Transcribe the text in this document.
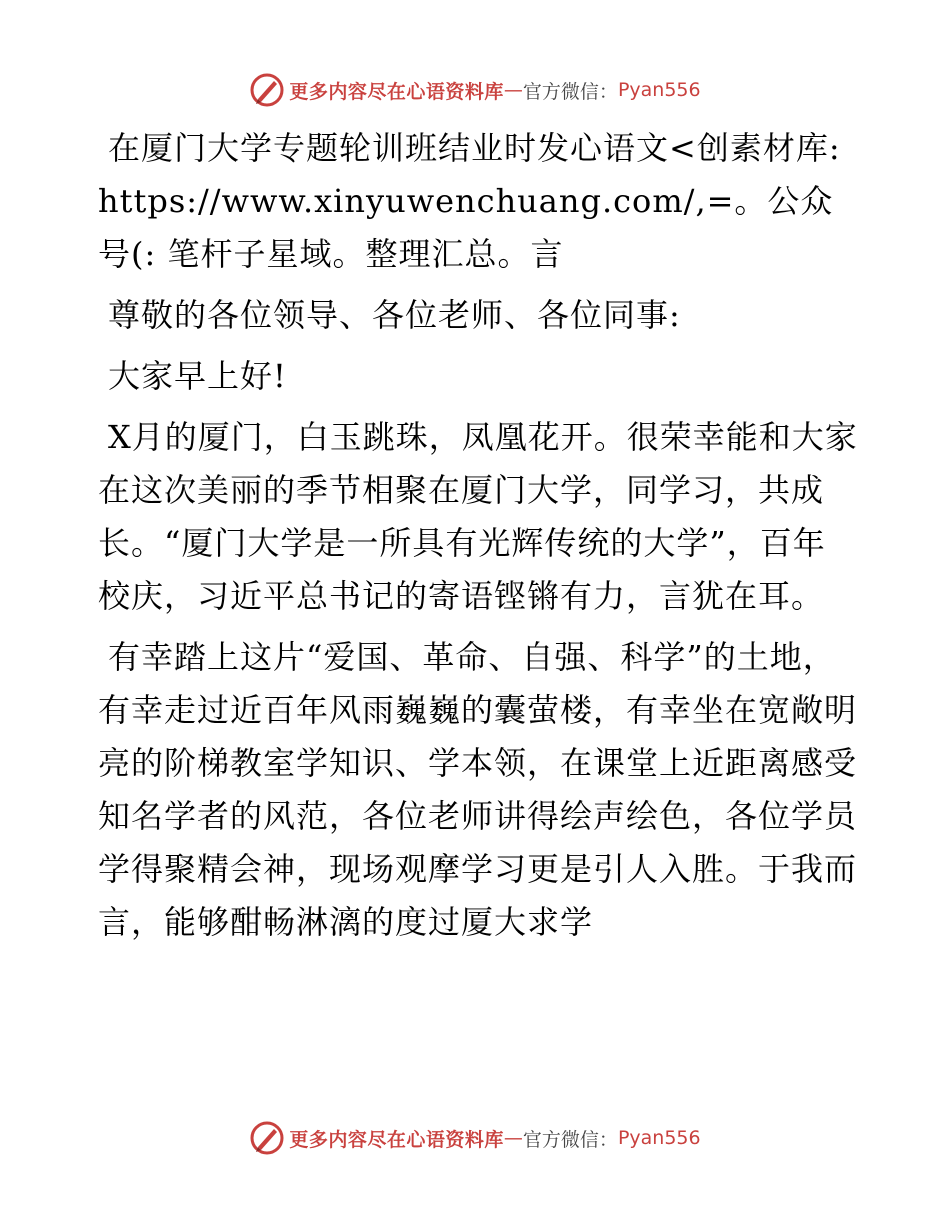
更多内容尽在心语资料库 — 官方微信： Pyan556

在厦门大学专题轮训班结业时发心语文<创素材库: https://www.xinyuwenchuang.com/,=。公众号(: 笔杆子星域。整理汇总。言

尊敬的各位领导、各位老师、各位同事:

大家早上好!

X月的厦门，白玉跳珠，凤凰花开。很荣幸能和大家在这次美丽的季节相聚在厦门大学，同学习，共成长。“厦门大学是一所具有光辉传统的大学”，百年校庆，习近平总书记的寄语铿锵有力，言犹在耳。

有幸踏上这片“爱国、革命、自强、科学”的土地，有幸走过近百年风雨巍巍的囊萤楼，有幸坐在宽敞明亮的阶梯教室学知识、学本领，在课堂上近距离感受知名学者的风范，各位老师讲得绘声绘色，各位学员学得聚精会神，现场观摩学习更是引人入胜。于我而言，能够酣畅淋漓的度过厦大求学

更多内容尽在心语资料库 — 官方微信： Pyan556
